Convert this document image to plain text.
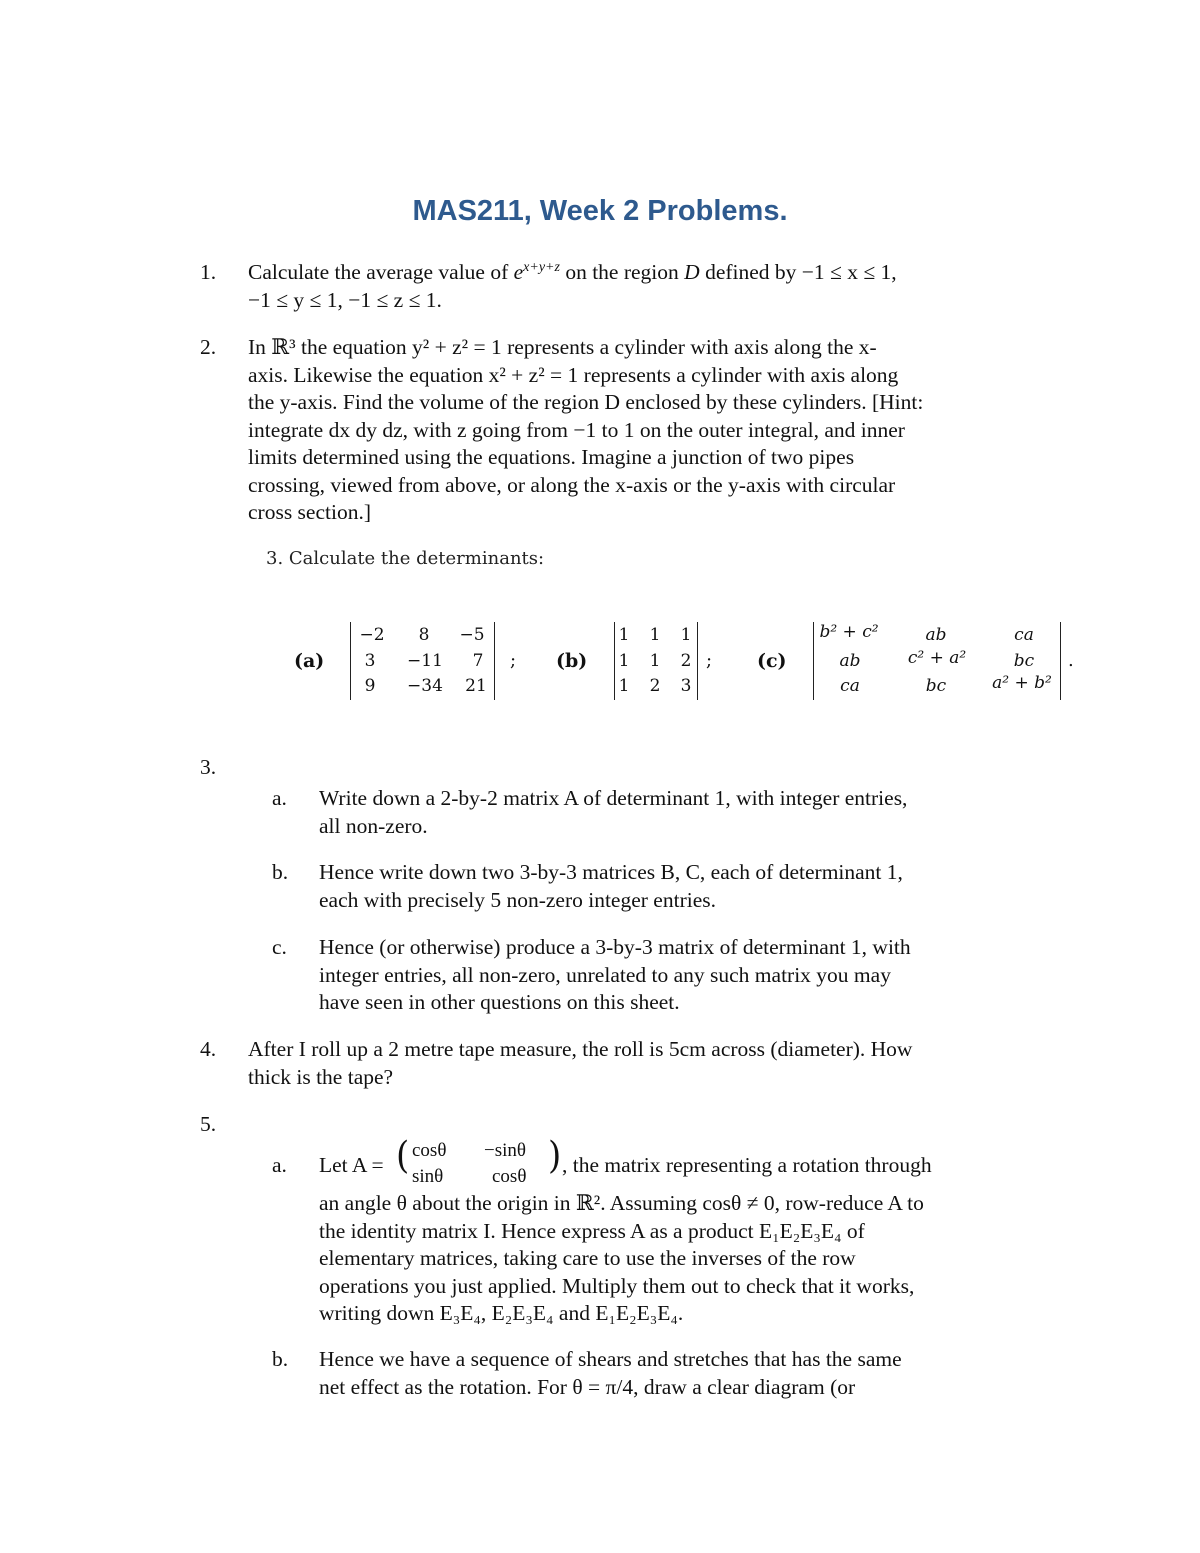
MAS211, Week 2 Problems.
1. Calculate the average value of $e^{x+y+z}$ on the region D defined by −1 ≤ x ≤ 1,
−1 ≤ y ≤ 1, −1 ≤ z ≤ 1.
2. In ℝ³ the equation y² + z² = 1 represents a cylinder with axis along the x-
axis. Likewise the equation x² + z² = 1 represents a cylinder with axis along
the y-axis. Find the volume of the region D enclosed by these cylinders. [Hint:
integrate dx dy dz, with z going from −1 to 1 on the outer integral, and inner
limits determined using the equations. Imagine a junction of two pipes
crossing, viewed from above, or along the x-axis or the y-axis with circular
cross section.]
3. Calculate the determinants:
(a)
−2	8	−5
3	−11	7
9	−34	21
; (b)
1 1 1
1 1 2
1 2 3
; (c)
b² + c²	ab	ca
ab	c² + a²	bc
ca	bc	a² + b²
.
3.
a. Write down a 2-by-2 matrix A of determinant 1, with integer entries,
all non-zero.
b. Hence write down two 3-by-3 matrices B, C, each of determinant 1,
each with precisely 5 non-zero integer entries.
c. Hence (or otherwise) produce a 3-by-3 matrix of determinant 1, with
integer entries, all non-zero, unrelated to any such matrix you may
have seen in other questions on this sheet.
4. After I roll up a 2 metre tape measure, the roll is 5cm across (diameter). How
thick is the tape?
5.
a. Let A = ( cosθ −sinθ
sinθ	cosθ ) , the matrix representing a rotation through
an angle θ about the origin in ℝ². Assuming cosθ ≠ 0, row-reduce A to
the identity matrix I. Hence express A as a product E₁E₂E₃E₄ of
elementary matrices, taking care to use the inverses of the row
operations you just applied. Multiply them out to check that it works,
writing down E₃E₄, E₂E₃E₄ and E₁E₂E₃E₄.
b. Hence we have a sequence of shears and stretches that has the same
net effect as the rotation. For θ = π/4, draw a clear diagram (or
